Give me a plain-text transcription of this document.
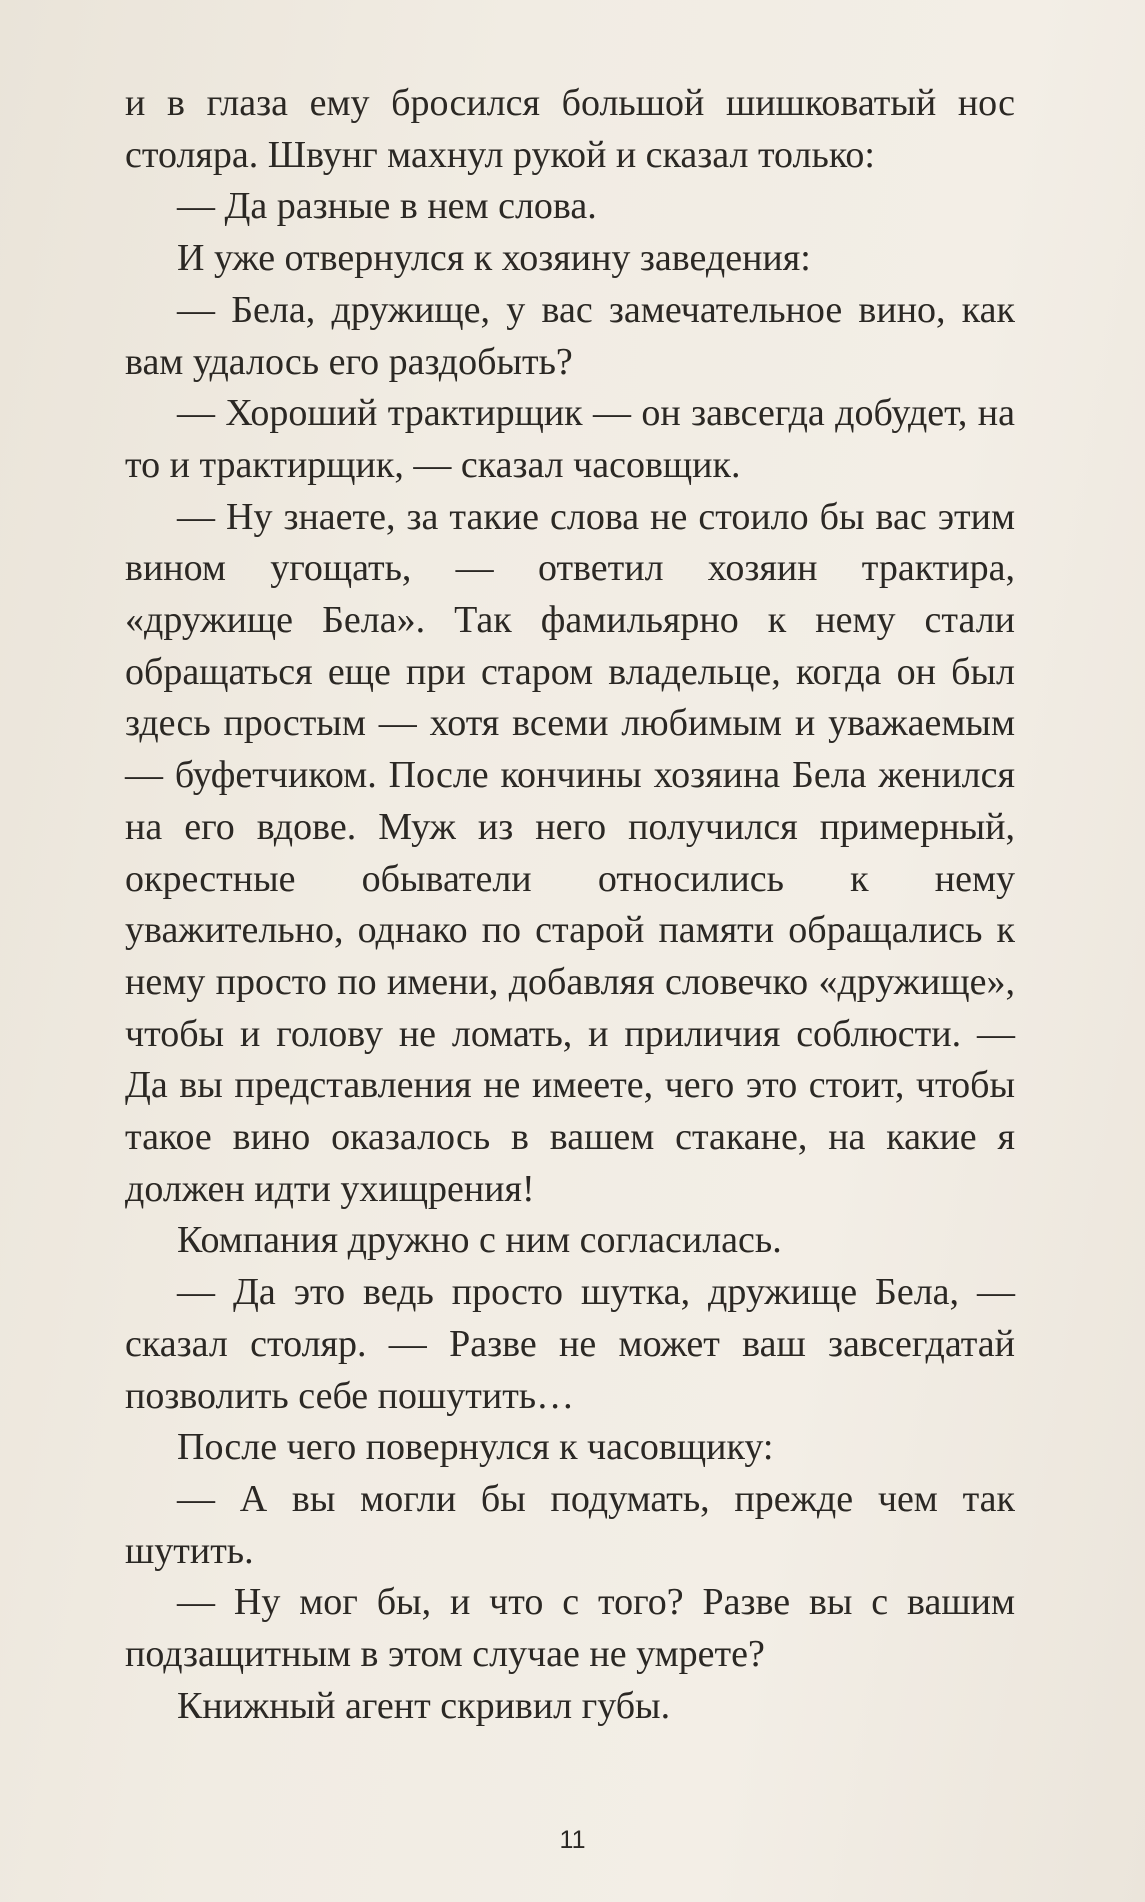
и в глаза ему бросился большой шишковатый нос столяра. Швунг махнул рукой и сказал только:

— Да разные в нем слова.

И уже отвернулся к хозяину заведения:

— Бела, дружище, у вас замечательное вино, как вам удалось его раздобыть?

— Хороший трактирщик — он завсегда добудет, на то и трактирщик, — сказал часовщик.

— Ну знаете, за такие слова не стоило бы вас этим вином угощать, — ответил хозяин трактира, «дружище Бела». Так фамильярно к нему стали обращаться еще при старом владельце, когда он был здесь простым — хотя всеми любимым и уважаемым — буфетчиком. После кончины хозяина Бела женился на его вдове. Муж из него получился примерный, окрестные обыватели относились к нему уважительно, однако по старой памяти обращались к нему просто по имени, добавляя словечко «дружище», чтобы и голову не ломать, и приличия соблюсти. — Да вы представления не имеете, чего это стоит, чтобы такое вино оказалось в вашем стакане, на какие я должен идти ухищрения!

Компания дружно с ним согласилась.

— Да это ведь просто шутка, дружище Бела, — сказал столяр. — Разве не может ваш завсегдатай позволить себе пошутить…

После чего повернулся к часовщику:

— А вы могли бы подумать, прежде чем так шутить.

— Ну мог бы, и что с того? Разве вы с вашим подзащитным в этом случае не умрете?

Книжный агент скривил губы.

11
